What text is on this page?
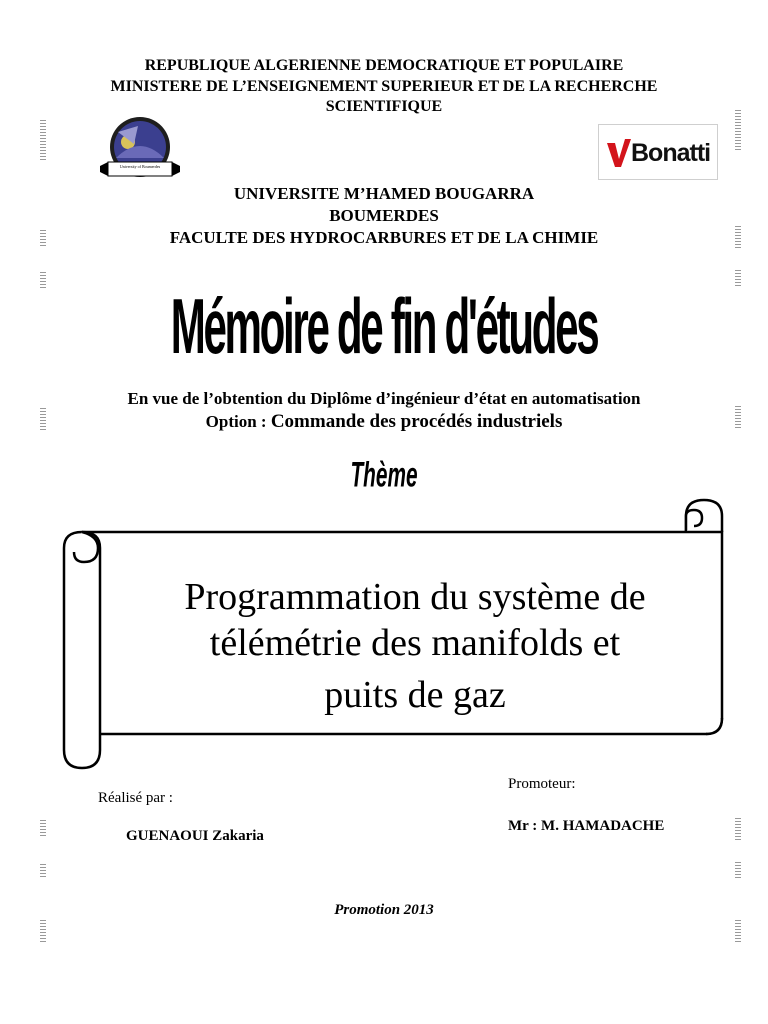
REPUBLIQUE ALGERIENNE DEMOCRATIQUE ET POPULAIRE
MINISTERE DE L’ENSEIGNEMENT SUPERIEUR ET DE LA RECHERCHE
SCIENTIFIQUE
University of Boumerdes	Bonatti
UNIVERSITE M’HAMED BOUGARRA
BOUMERDES
FACULTE DES HYDROCARBURES ET DE LA CHIMIE
Mémoire de fin d'études
En vue de l’obtention du Diplôme d’ingénieur d’état en automatisation
Option : Commande des procédés industriels
Thème
Programmation du système de
télémétrie des manifolds et
puits de gaz
Promoteur:
Mr : M. HAMADACHE
Réalisé par :
GUENAOUI Zakaria
Promotion 2013
